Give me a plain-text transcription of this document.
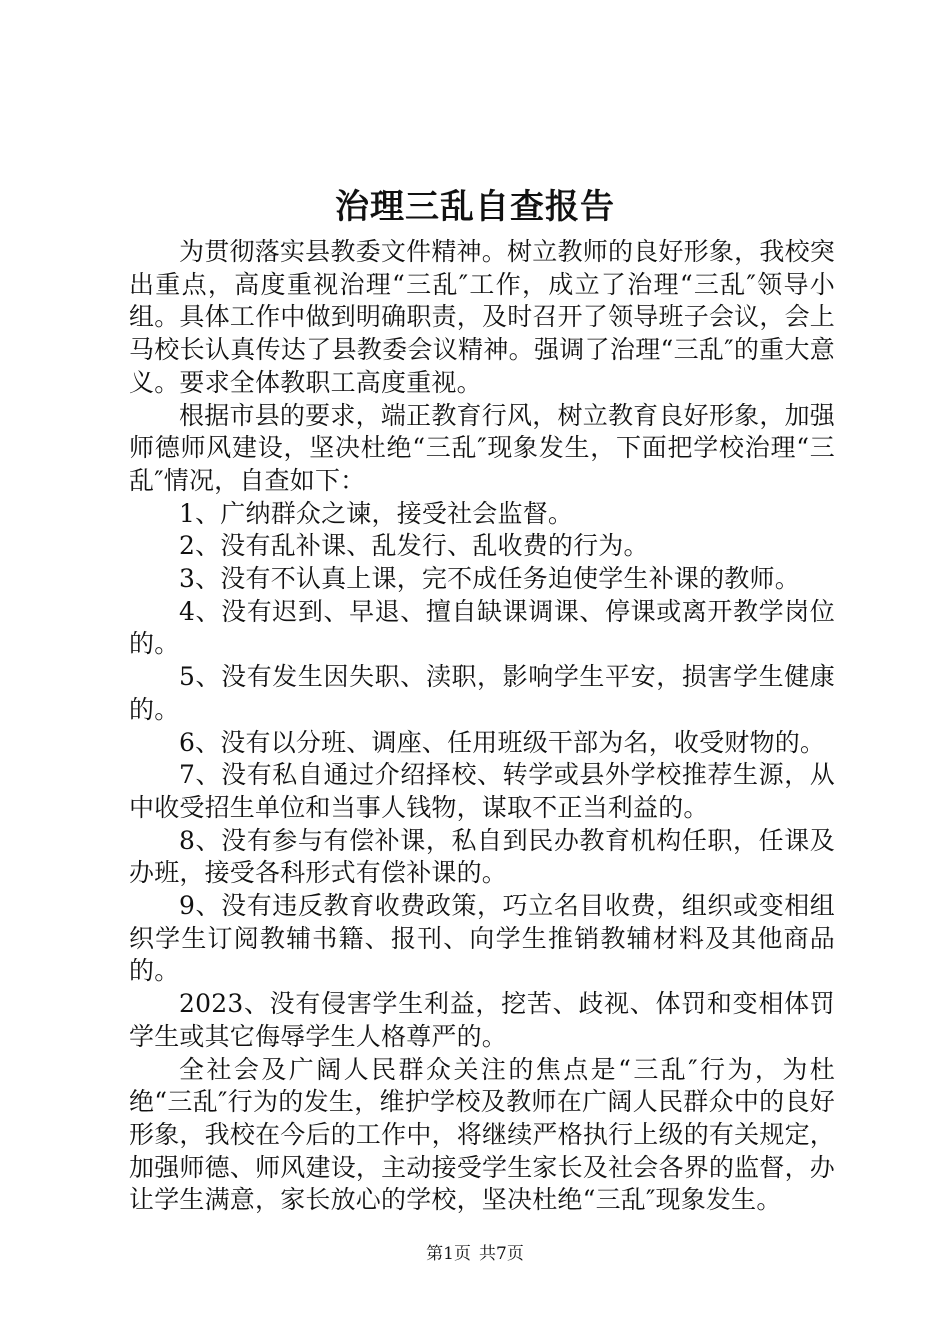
治理三乱自查报告

为贯彻落实县教委文件精神。树立教师的良好形象，我校突出重点，高度重视治理“三乱″工作，成立了治理“三乱″领导小组。具体工作中做到明确职责，及时召开了领导班子会议，会上马校长认真传达了县教委会议精神。强调了治理“三乱″的重大意义。要求全体教职工高度重视。

根据市县的要求，端正教育行风，树立教育良好形象，加强师德师风建设，坚决杜绝“三乱″现象发生，下面把学校治理“三乱″情况，自查如下：

1、广纳群众之谏，接受社会监督。

2、没有乱补课、乱发行、乱收费的行为。

3、没有不认真上课，完不成任务迫使学生补课的教师。

4、没有迟到、早退、擅自缺课调课、停课或离开教学岗位的。

5、没有发生因失职、渎职，影响学生平安，损害学生健康的。

6、没有以分班、调座、任用班级干部为名，收受财物的。

7、没有私自通过介绍择校、转学或县外学校推荐生源，从中收受招生单位和当事人钱物，谋取不正当利益的。

8、没有参与有偿补课，私自到民办教育机构任职，任课及办班，接受各科形式有偿补课的。

9、没有违反教育收费政策，巧立名目收费，组织或变相组织学生订阅教辅书籍、报刊、向学生推销教辅材料及其他商品的。

2023、没有侵害学生利益，挖苦、歧视、体罚和变相体罚学生或其它侮辱学生人格尊严的。

全社会及广阔人民群众关注的焦点是“三乱″行为，为杜绝“三乱″行为的发生，维护学校及教师在广阔人民群众中的良好形象，我校在今后的工作中，将继续严格执行上级的有关规定，加强师德、师风建设，主动接受学生家长及社会各界的监督，办让学生满意，家长放心的学校，坚决杜绝“三乱″现象发生。

第1页 共7页
